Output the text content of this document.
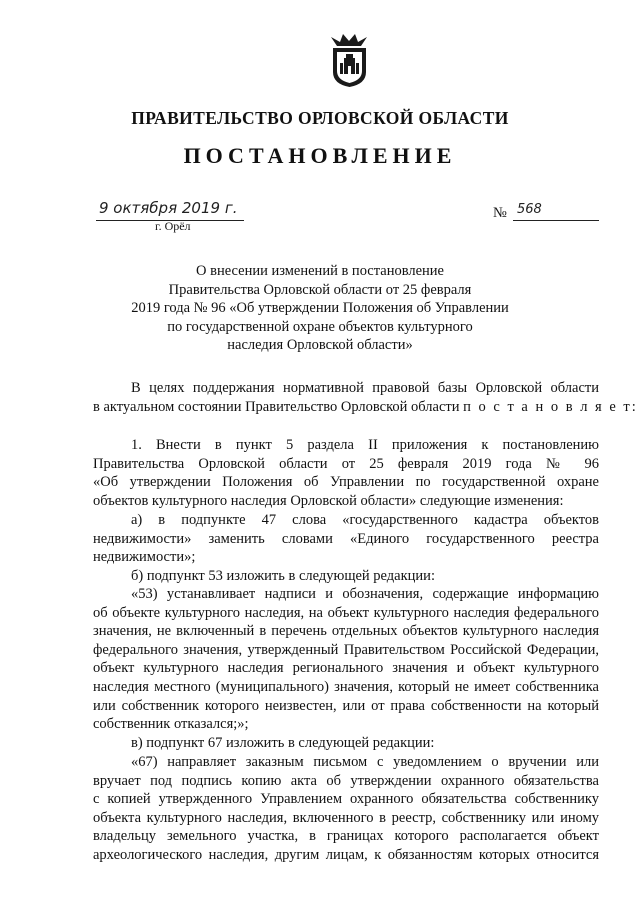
ПРАВИТЕЛЬСТВО ОРЛОВСКОЙ ОБЛАСТИ
ПОСТАНОВЛЕНИЕ
9 октября 2019 г.
г. Орёл
№ 568
О внесении изменений в постановление
Правительства Орловской области от 25 февраля
2019 года № 96 «Об утверждении Положения об Управлении
по государственной охране объектов культурного
наследия Орловской области»
В целях поддержания нормативной правовой базы Орловской области
в актуальном состоянии Правительство Орловской области п о с т а н о в л я е т:
1. Внести в пункт 5 раздела II приложения к постановлению
Правительства Орловской области от 25 февраля 2019 года № 96
«Об утверждении Положения об Управлении по государственной охране
объектов культурного наследия Орловской области» следующие изменения:
а) в подпункте 47 слова «государственного кадастра объектов
недвижимости» заменить словами «Единого государственного реестра
недвижимости»;
б) подпункт 53 изложить в следующей редакции:
«53) устанавливает надписи и обозначения, содержащие информацию
об объекте культурного наследия, на объект культурного наследия федерального
значения, не включенный в перечень отдельных объектов культурного наследия
федерального значения, утвержденный Правительством Российской Федерации,
объект культурного наследия регионального значения и объект культурного
наследия местного (муниципального) значения, который не имеет собственника
или собственник которого неизвестен, или от права собственности на который
собственник отказался;»;
в) подпункт 67 изложить в следующей редакции:
«67) направляет заказным письмом с уведомлением о вручении или
вручает под подпись копию акта об утверждении охранного обязательства
с копией утвержденного Управлением охранного обязательства собственнику
объекта культурного наследия, включенного в реестр, собственнику или иному
владельцу земельного участка, в границах которого располагается объект
археологического наследия, другим лицам, к обязанностям которых относится
